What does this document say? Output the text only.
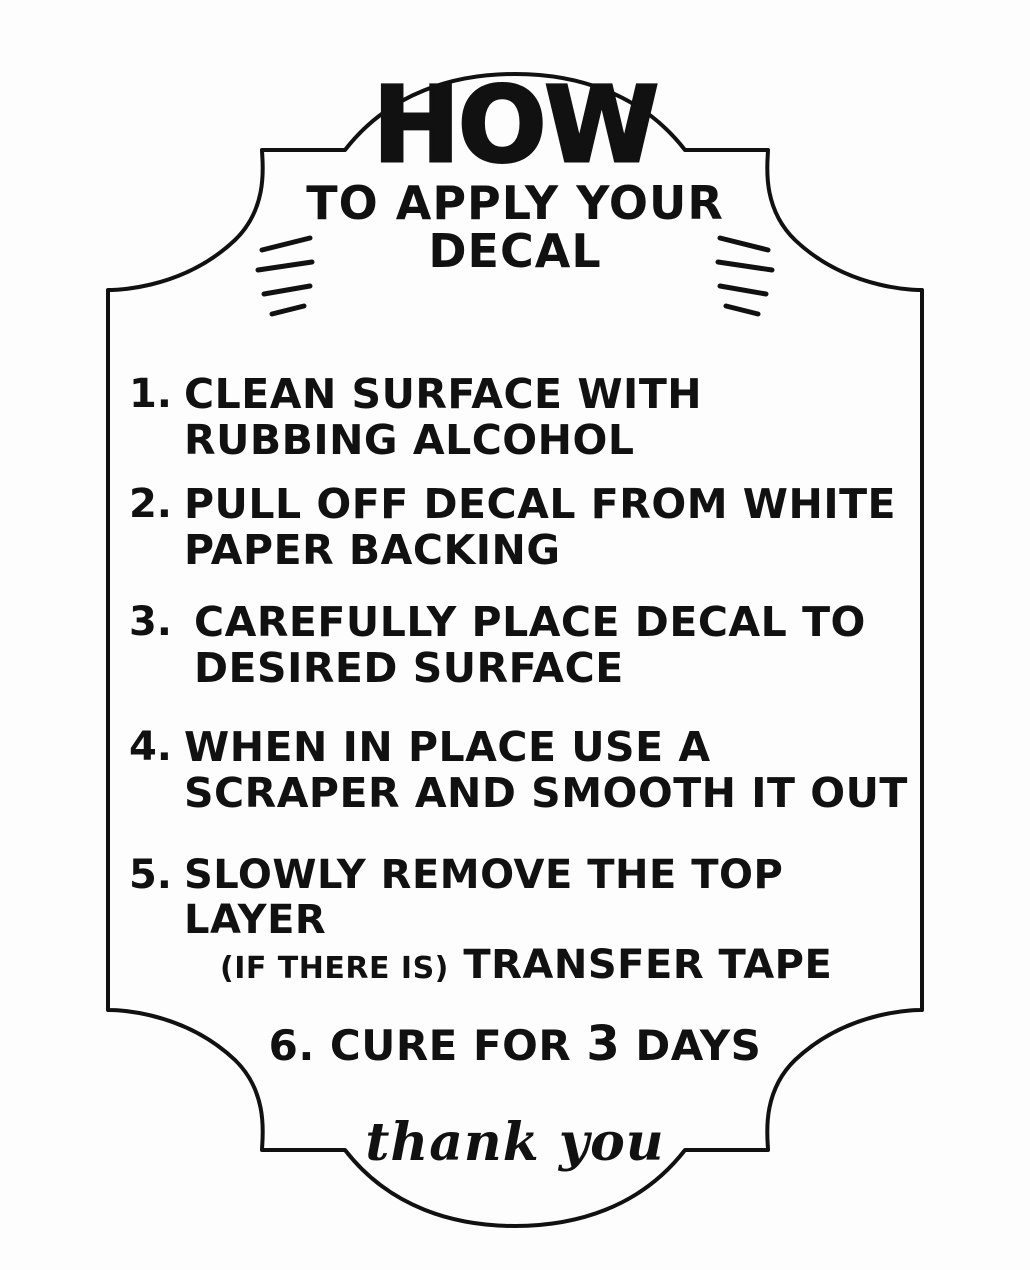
HOW
TO APPLY YOUR DECAL
1. CLEAN SURFACE WITH RUBBING ALCOHOL
2. PULL OFF DECAL FROM WHITE PAPER BACKING
3. CAREFULLY PLACE DECAL TO DESIRED SURFACE
4. WHEN IN PLACE USE A SCRAPER AND SMOOTH IT OUT
5. SLOWLY REMOVE THE TOP LAYER
(IF THERE IS) TRANSFER TAPE
6. CURE FOR 3 DAYS
thank you
